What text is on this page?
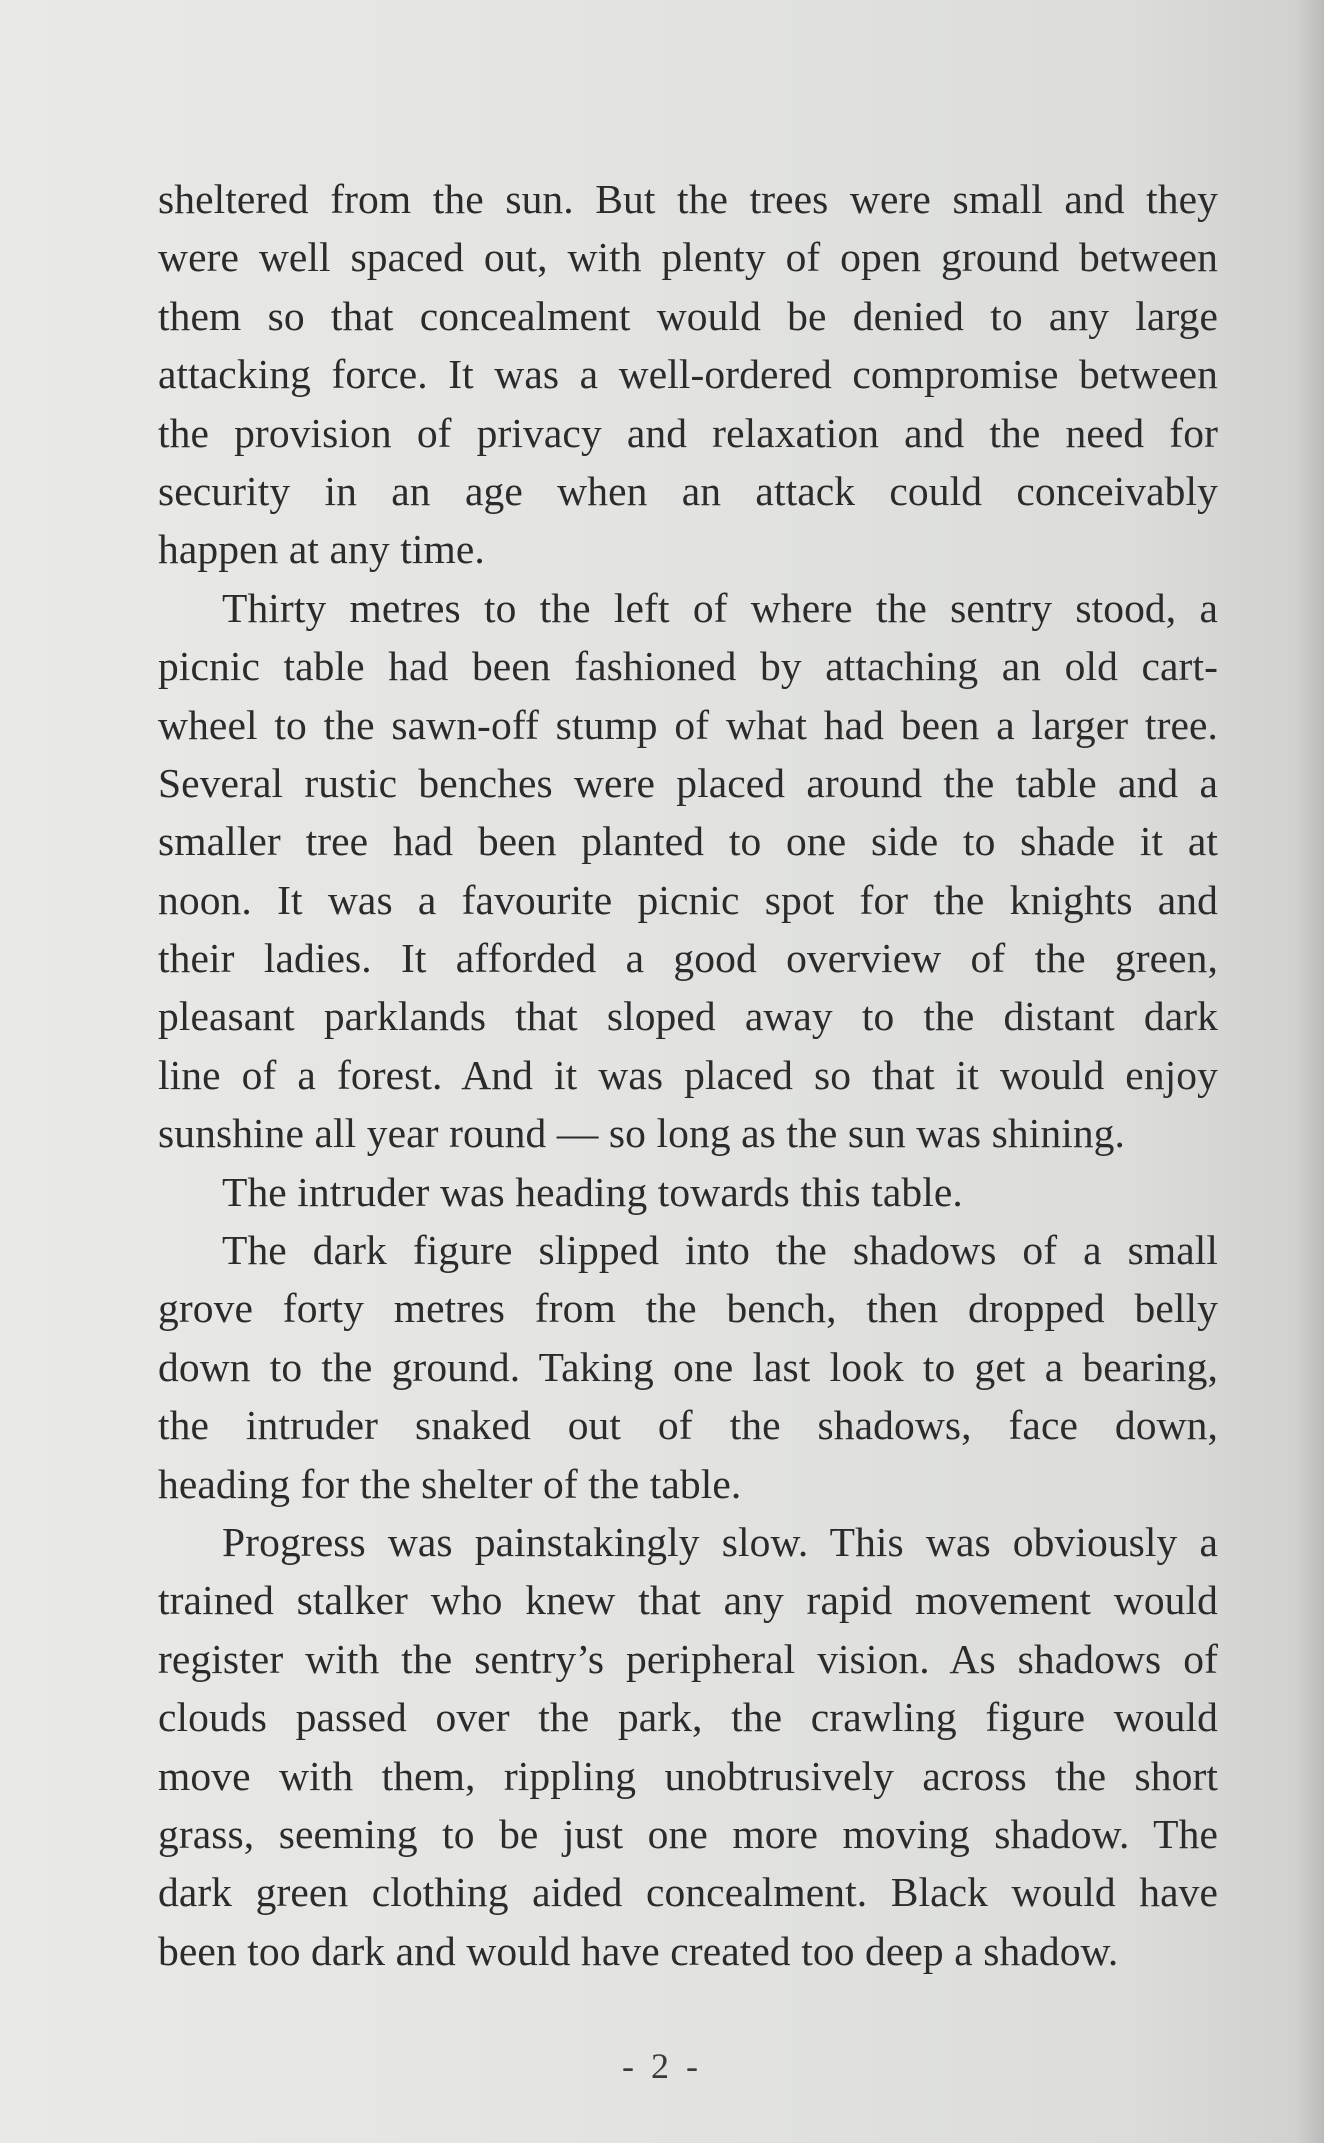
sheltered from the sun. But the trees were small and they
were well spaced out, with plenty of open ground between
them so that concealment would be denied to any large
attacking force. It was a well-ordered compromise between
the provision of privacy and relaxation and the need for
security in an age when an attack could conceivably
happen at any time.
Thirty metres to the left of where the sentry stood, a
picnic table had been fashioned by attaching an old cart-
wheel to the sawn-off stump of what had been a larger tree.
Several rustic benches were placed around the table and a
smaller tree had been planted to one side to shade it at
noon. It was a favourite picnic spot for the knights and
their ladies. It afforded a good overview of the green,
pleasant parklands that sloped away to the distant dark
line of a forest. And it was placed so that it would enjoy
sunshine all year round — so long as the sun was shining.
The intruder was heading towards this table.
The dark figure slipped into the shadows of a small
grove forty metres from the bench, then dropped belly
down to the ground. Taking one last look to get a bearing,
the intruder snaked out of the shadows, face down,
heading for the shelter of the table.
Progress was painstakingly slow. This was obviously a
trained stalker who knew that any rapid movement would
register with the sentry’s peripheral vision. As shadows of
clouds passed over the park, the crawling figure would
move with them, rippling unobtrusively across the short
grass, seeming to be just one more moving shadow. The
dark green clothing aided concealment. Black would have
been too dark and would have created too deep a shadow.
- 2 -
